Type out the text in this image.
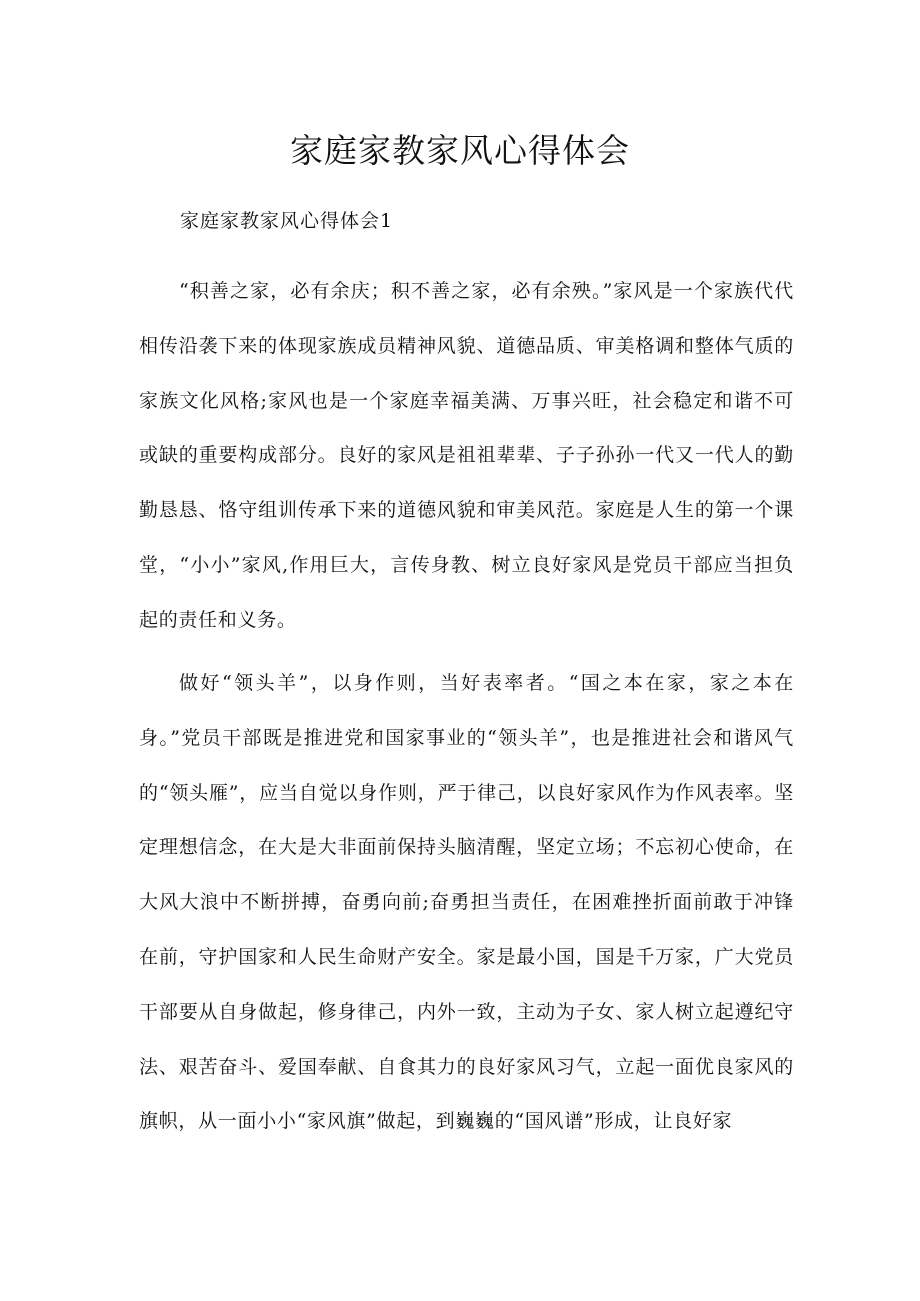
家庭家教家风心得体会

家庭家教家风心得体会1

“积善之家，必有余庆；积不善之家，必有余殃。”家风是一个家族代代相传沿袭下来的体现家族成员精神风貌、道德品质、审美格调和整体气质的家族文化风格;家风也是一个家庭幸福美满、万事兴旺，社会稳定和谐不可或缺的重要构成部分。良好的家风是祖祖辈辈、子子孙孙一代又一代人的勤勤恳恳、恪守组训传承下来的道德风貌和审美风范。家庭是人生的第一个课堂，“小小”家风,作用巨大，言传身教、树立良好家风是党员干部应当担负起的责任和义务。

做好“领头羊”，以身作则，当好表率者。“国之本在家，家之本在身。”党员干部既是推进党和国家事业的“领头羊”，也是推进社会和谐风气的“领头雁”，应当自觉以身作则，严于律己，以良好家风作为作风表率。坚定理想信念，在大是大非面前保持头脑清醒，坚定立场；不忘初心使命，在大风大浪中不断拼搏，奋勇向前;奋勇担当责任，在困难挫折面前敢于冲锋在前，守护国家和人民生命财产安全。家是最小国，国是千万家，广大党员干部要从自身做起，修身律己，内外一致，主动为子女、家人树立起遵纪守法、艰苦奋斗、爱国奉献、自食其力的良好家风习气，立起一面优良家风的旗帜，从一面小小“家风旗”做起，到巍巍的“国风谱”形成，让良好家
